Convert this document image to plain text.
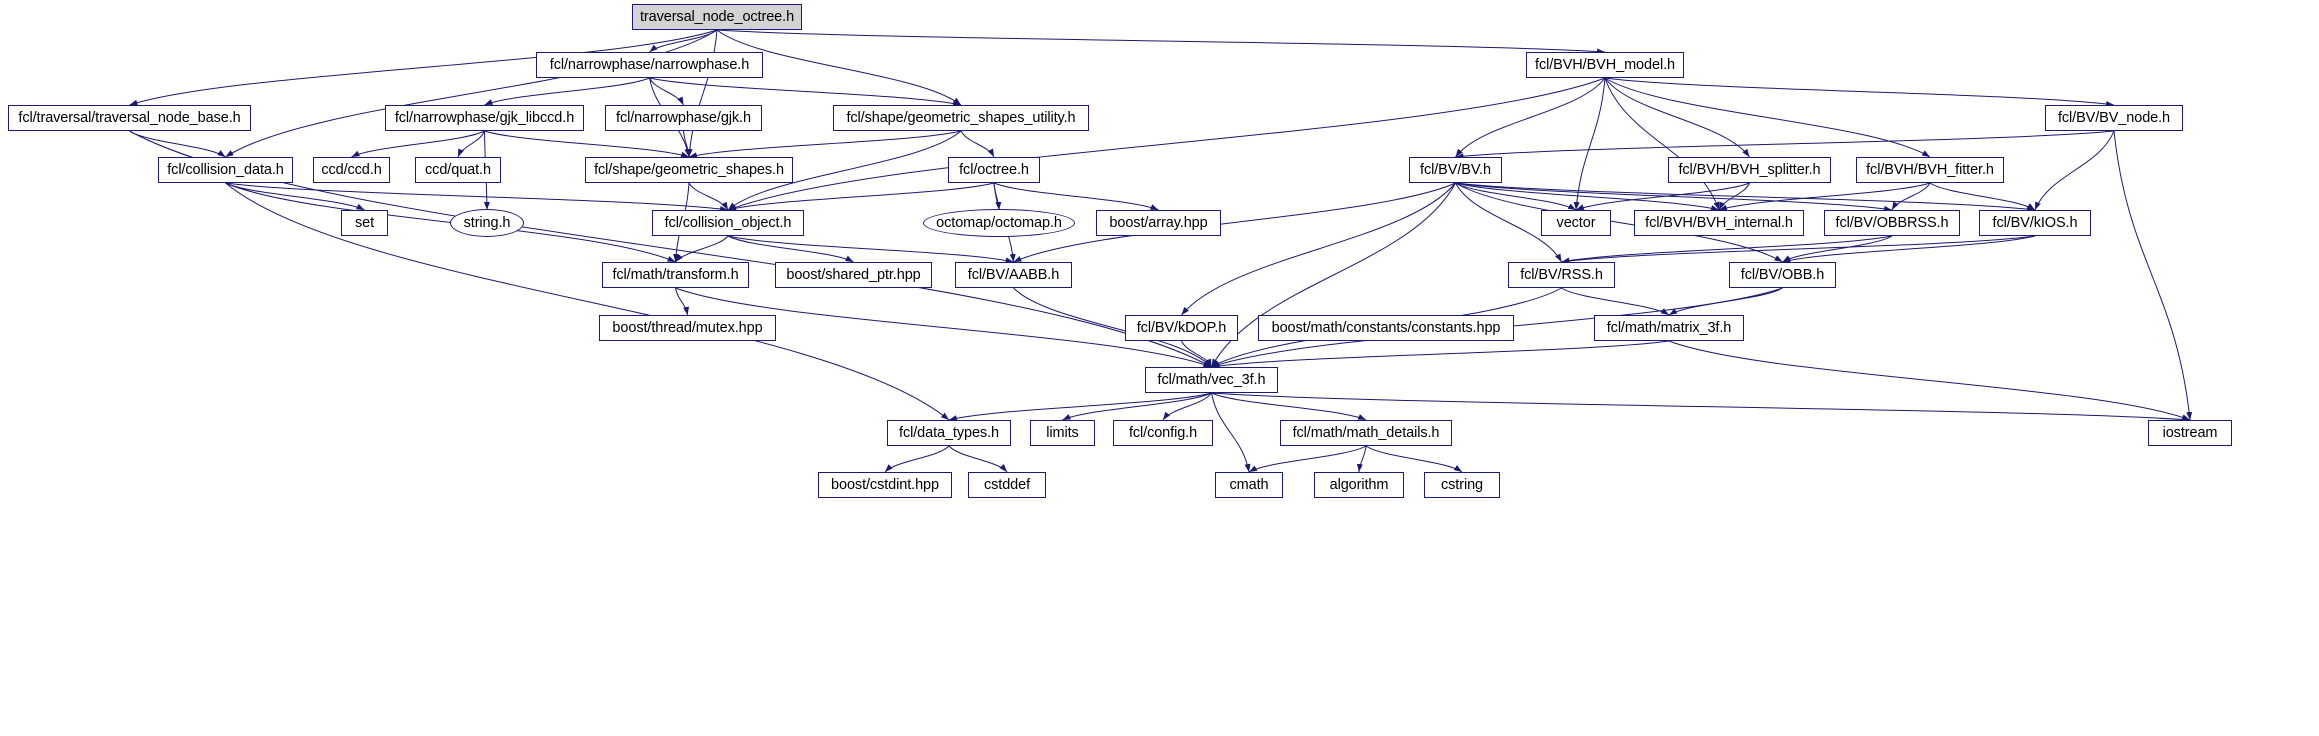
traversal_node_octree.h
fcl/narrowphase/narrowphase.h	fcl/BVH/BVH_model.h
fcl/traversal/traversal_node_base.h	fcl/narrowphase/gjk_libccd.h	fcl/narrowphase/gjk.h	fcl/shape/geometric_shapes_utility.h	fcl/BV/BV_node.h
fcl/collision_data.h	ccd/ccd.h	ccd/quat.h	fcl/shape/geometric_shapes.h	fcl/octree.h	fcl/BV/BV.h	fcl/BVH/BVH_splitter.h	fcl/BVH/BVH_fitter.h
set	string.h	fcl/collision_object.h	octomap/octomap.h	boost/array.hpp	vector	fcl/BVH/BVH_internal.h	fcl/BV/OBBRSS.h	fcl/BV/kIOS.h
fcl/math/transform.h	boost/shared_ptr.hpp	fcl/BV/AABB.h	fcl/BV/RSS.h	fcl/BV/OBB.h
boost/thread/mutex.hpp	fcl/BV/kDOP.h	boost/math/constants/constants.hpp	fcl/math/matrix_3f.h
fcl/math/vec_3f.h
fcl/data_types.h	limits	fcl/config.h	fcl/math/math_details.h	iostream
boost/cstdint.hpp	cstddef	cmath	algorithm	cstring
